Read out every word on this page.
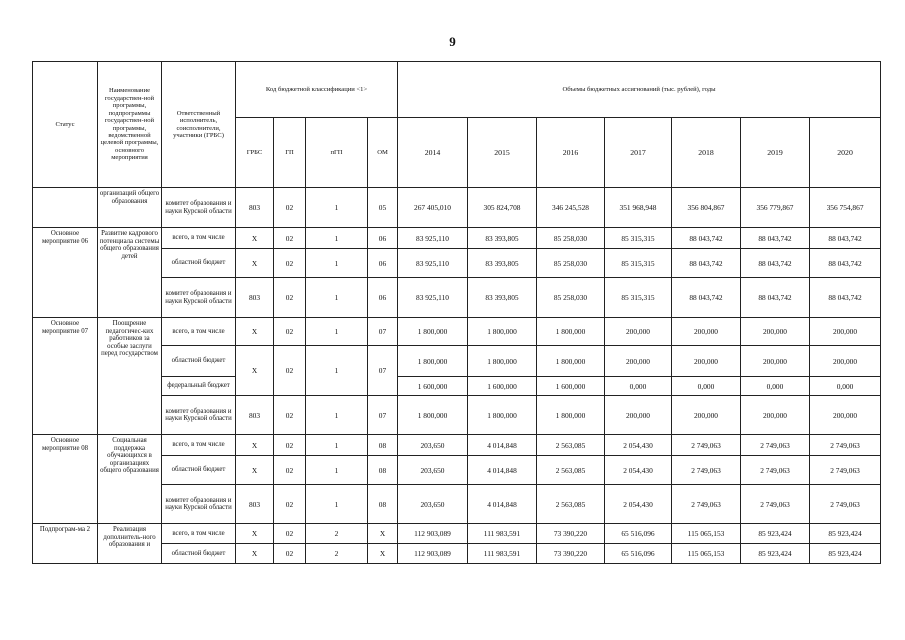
9
Статус	Наименование государствен-ной программы, подпрограммы государствен-ной программы, ведомственной целевой программы, основного мероприятия	Ответственный исполнитель, соисполнители, участники (ГРБС)	Код бюджетной классификации <1>				Объемы бюджетных ассигнований (тыс. рублей), годы						
			ГРБС	ГП	пГП	ОМ	2014	2015	2016	2017	2018	2019	2020
	организаций общего образования	комитет образования и науки Курской области	803	02	1	05	267 405,010	305 824,708	346 245,528	351 968,948	356 804,867	356 779,867	356 754,867
Основное мероприятие 06	Развитие кадрового потенциала системы общего образования детей	всего, в том числе	Х	02	1	06	83 925,110	83 393,805	85 258,030	85 315,315	88 043,742	88 043,742	88 043,742
		областной бюджет	Х	02	1	06	83 925,110	83 393,805	85 258,030	85 315,315	88 043,742	88 043,742	88 043,742
		комитет образования и науки Курской области	803	02	1	06	83 925,110	83 393,805	85 258,030	85 315,315	88 043,742	88 043,742	88 043,742
Основное мероприятие 07	Поощрение педагогичес-ких работников за особые заслуги перед государством	всего, в том числе	Х	02	1	07	1 800,000	1 800,000	1 800,000	200,000	200,000	200,000	200,000
		областной бюджет	Х	02	1	07	1 800,000	1 800,000	1 800,000	200,000	200,000	200,000	200,000
		федеральный бюджет					1 600,000	1 600,000	1 600,000	0,000	0,000	0,000	0,000
		комитет образования и науки Курской области	803	02	1	07	1 800,000	1 800,000	1 800,000	200,000	200,000	200,000	200,000
Основное мероприятие 08	Социальная поддержка обучающихся в организациях общего образования	всего, в том числе	Х	02	1	08	203,650	4 014,848	2 563,085	2 054,430	2 749,063	2 749,063	2 749,063
		областной бюджет	Х	02	1	08	203,650	4 014,848	2 563,085	2 054,430	2 749,063	2 749,063	2 749,063
		комитет образования и науки Курской области	803	02	1	08	203,650	4 014,848	2 563,085	2 054,430	2 749,063	2 749,063	2 749,063
Подпрограм-ма 2	Реализация дополнитель-ного образования и	всего, в том числе	Х	02	2	Х	112 903,089	111 983,591	73 390,220	65 516,096	115 065,153	85 923,424	85 923,424
		областной бюджет	Х	02	2	Х	112 903,089	111 983,591	73 390,220	65 516,096	115 065,153	85 923,424	85 923,424
